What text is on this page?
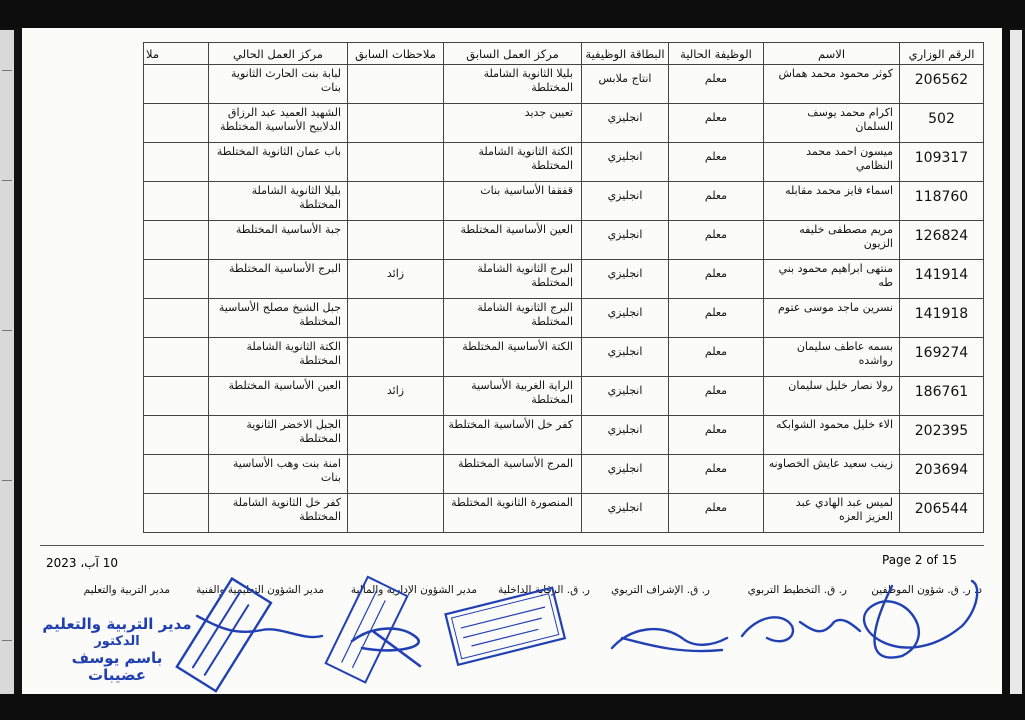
الرقم الوزاري	الاسم	الوظيفة الحالية	البطاقة الوظيفية	مركز العمل السابق	ملاحظات السابق	مركز العمل الحالي	ملا
206562	كوثر محمود محمد هماش	معلم	انتاج ملابس	بليلا الثانوية الشاملة المختلطة		لبابة بنت الحارث الثانوية بنات	
502	اكرام محمد يوسف السلمان	معلم	انجليزي	تعيين جديد		الشهيد العميد عبد الرزاق الدلابيح الأساسية المختلطة	
109317	ميسون احمد محمد النظامي	معلم	انجليزي	الكتة الثانوية الشاملة المختلطة		باب عمان الثانوية المختلطة	
118760	اسماء فايز محمد مقابله	معلم	انجليزي	قفقفا الأساسية بنات		بليلا الثانوية الشاملة المختلطة	
126824	مريم مصطفى خليفه الزيون	معلم	انجليزي	العين الأساسية المختلطة		جبة الأساسية المختلطة	
141914	منتهى ابراهيم محمود بني طه	معلم	انجليزي	البرج الثانوية الشاملة المختلطة	زائد	البرج الأساسية المختلطة	
141918	نسرين ماجد موسى عتوم	معلم	انجليزي	البرج الثانوية الشاملة المختلطة		جبل الشيخ مصلح الأساسية المختلطة	
169274	بسمه عاطف سليمان رواشده	معلم	انجليزي	الكتة الأساسية المختلطة		الكتة الثانوية الشاملة المختلطة	
186761	رولا نصار خليل سليمان	معلم	انجليزي	الراية الغربية الأساسية المختلطة	زائد	العين الأساسية المختلطة	
202395	الاء خليل محمود الشوابكه	معلم	انجليزي	كفر خل الأساسية المختلطة		الجبل الاخضر الثانوية المختلطة	
203694	زينب سعيد عايش الخصاونه	معلم	انجليزي	المرج الأساسية المختلطة		امنة بنت وهب الأساسية بنات	
206544	لميس عبد الهادي عبد العزيز العزه	معلم	انجليزي	المنصورة الثانوية المختلطة		كفر خل الثانوية الشاملة المختلطة	
10 آب، 2023	Page 2 of 15
د. ر. ق. شؤون الموظفين
ر. ق. التخطيط التربوي
ر. ق. الإشراف التربوي
ر. ق. الرقابة الداخلية
مدير الشؤون الإدارية والمالية
مدير الشؤون التعليمية والفنية
مدير التربية والتعليم
مدير التربية والتعليم
الدكتور
باسم يوسف عضيبات
